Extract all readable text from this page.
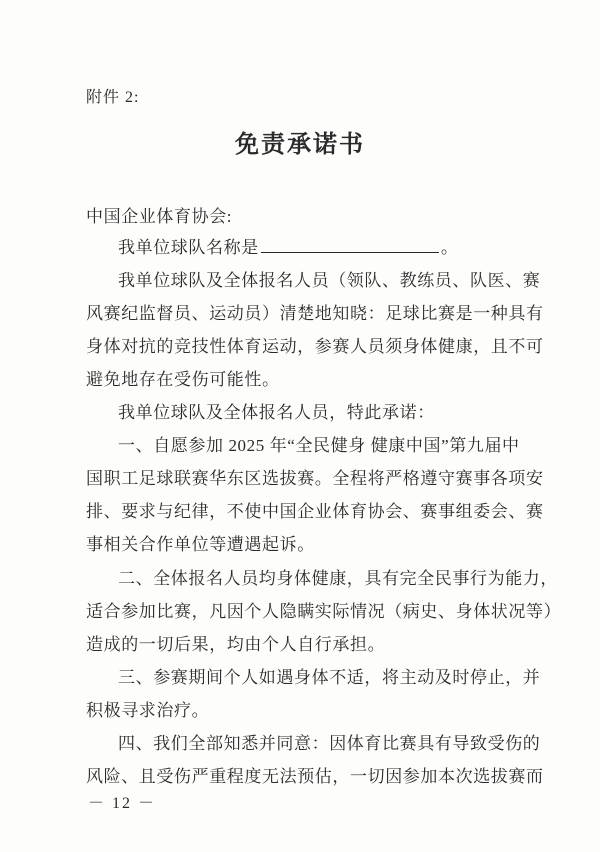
附件 2:
免责承诺书
中国企业体育协会:
我单位球队名称是	。
我单位球队及全体报名人员（领队、教练员、队医、赛
风赛纪监督员、运动员）清楚地知晓：足球比赛是一种具有
身体对抗的竞技性体育运动，参赛人员须身体健康，且不可
避免地存在受伤可能性。
我单位球队及全体报名人员，特此承诺：
一、自愿参加 2025 年“全民健身 健康中国”第九届中
国职工足球联赛华东区选拔赛。全程将严格遵守赛事各项安
排、要求与纪律，不使中国企业体育协会、赛事组委会、赛
事相关合作单位等遭遇起诉。
二、全体报名人员均身体健康，具有完全民事行为能力，
适合参加比赛，凡因个人隐瞒实际情况（病史、身体状况等）
造成的一切后果，均由个人自行承担。
三、参赛期间个人如遇身体不适，将主动及时停止，并
积极寻求治疗。
四、我们全部知悉并同意：因体育比赛具有导致受伤的
风险、且受伤严重程度无法预估，一切因参加本次选拔赛而
－ 12 －
